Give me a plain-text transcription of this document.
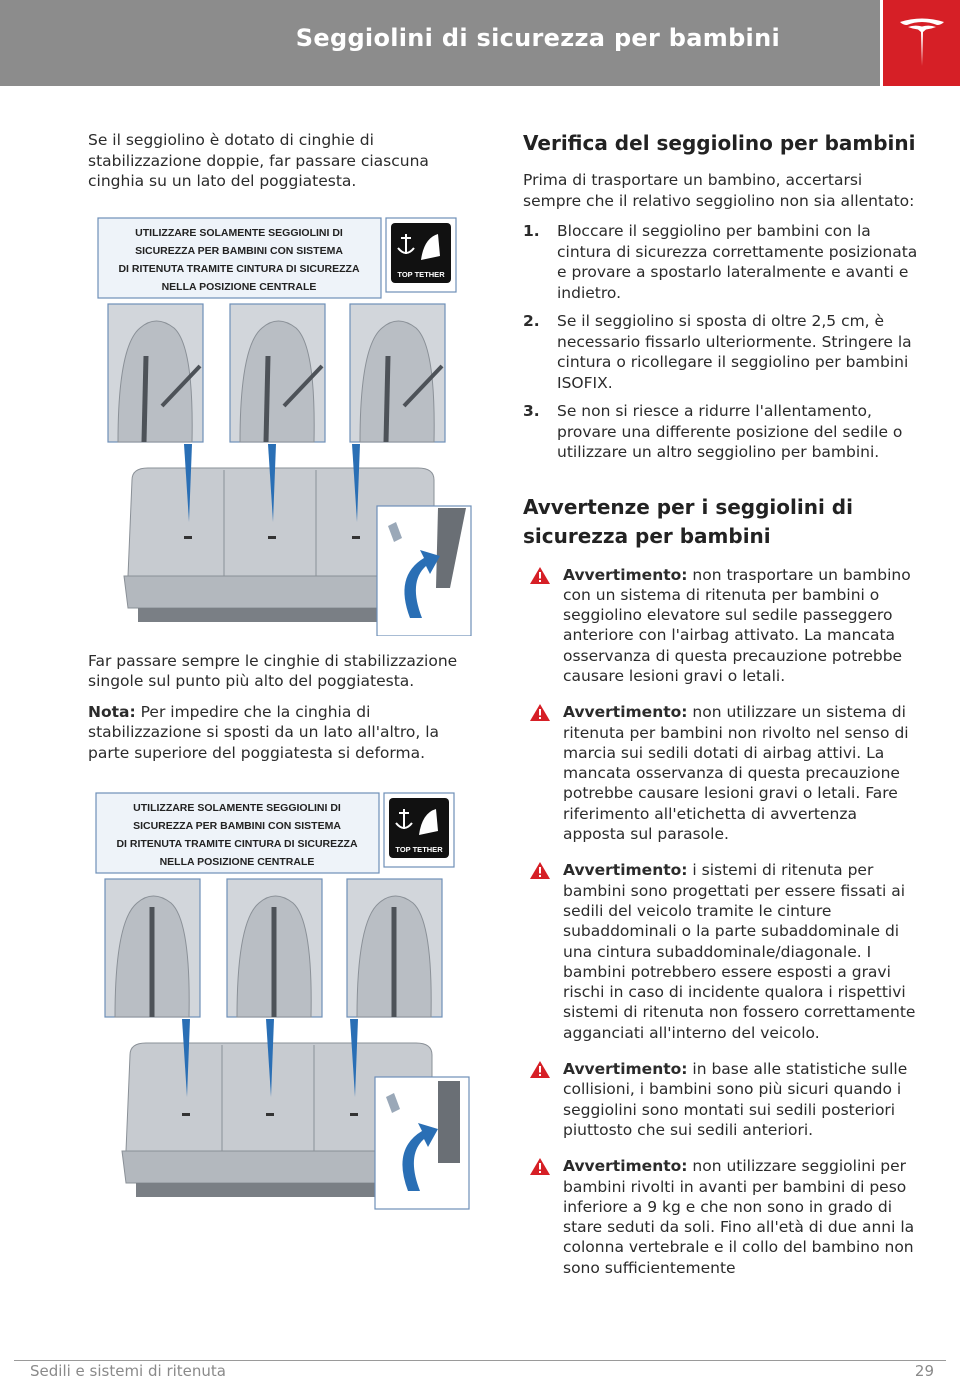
Seggiolini di sicurezza per bambini

Se il seggiolino è dotato di cinghie di stabilizzazione doppie, far passare ciascuna cinghia su un lato del poggiatesta.

UTILIZZARE SOLAMENTE SEGGIOLINI DI
SICUREZZA PER BAMBINI CON SISTEMA
DI RITENUTA TRAMITE CINTURA DI SICUREZZA
NELLA POSIZIONE CENTRALE
TOP TETHER

Far passare sempre le cinghie di stabilizzazione singole sul punto più alto del poggiatesta.

Nota: Per impedire che la cinghia di stabilizzazione si sposti da un lato all'altro, la parte superiore del poggiatesta si deforma.

UTILIZZARE SOLAMENTE SEGGIOLINI DI
SICUREZZA PER BAMBINI CON SISTEMA
DI RITENUTA TRAMITE CINTURA DI SICUREZZA
NELLA POSIZIONE CENTRALE
TOP TETHER
Verifica del seggiolino per bambini

Prima di trasportare un bambino, accertarsi sempre che il relativo seggiolino non sia allentato:

1. Bloccare il seggiolino per bambini con la cintura di sicurezza correttamente posizionata e provare a spostarlo lateralmente e avanti e indietro.
2. Se il seggiolino si sposta di oltre 2,5 cm, è necessario fissarlo ulteriormente. Stringere la cintura o ricollegare il seggiolino per bambini ISOFIX.
3. Se non si riesce a ridurre l'allentamento, provare una differente posizione del sedile o utilizzare un altro seggiolino per bambini.
Avvertenze per i seggiolini di sicurezza per bambini
Avvertimento: non trasportare un bambino con un sistema di ritenuta per bambini o seggiolino elevatore sul sedile passeggero anteriore con l'airbag attivato. La mancata osservanza di questa precauzione potrebbe causare lesioni gravi o letali.
Avvertimento: non utilizzare un sistema di ritenuta per bambini non rivolto nel senso di marcia sui sedili dotati di airbag attivi. La mancata osservanza di questa precauzione potrebbe causare lesioni gravi o letali. Fare riferimento all'etichetta di avvertenza apposta sul parasole.
Avvertimento: i sistemi di ritenuta per bambini sono progettati per essere fissati ai sedili del veicolo tramite le cinture subaddominali o la parte subaddominale di una cintura subaddominale/diagonale. I bambini potrebbero essere esposti a gravi rischi in caso di incidente qualora i rispettivi sistemi di ritenuta non fossero correttamente agganciati all'interno del veicolo.
Avvertimento: in base alle statistiche sulle collisioni, i bambini sono più sicuri quando i seggiolini sono montati sui sedili posteriori piuttosto che sui sedili anteriori.
Avvertimento: non utilizzare seggiolini per bambini rivolti in avanti per bambini di peso inferiore a 9 kg e che non sono in grado di stare seduti da soli. Fino all'età di due anni la colonna vertebrale e il collo del bambino non sono sufficientemente
Sedili e sistemi di ritenuta	29
